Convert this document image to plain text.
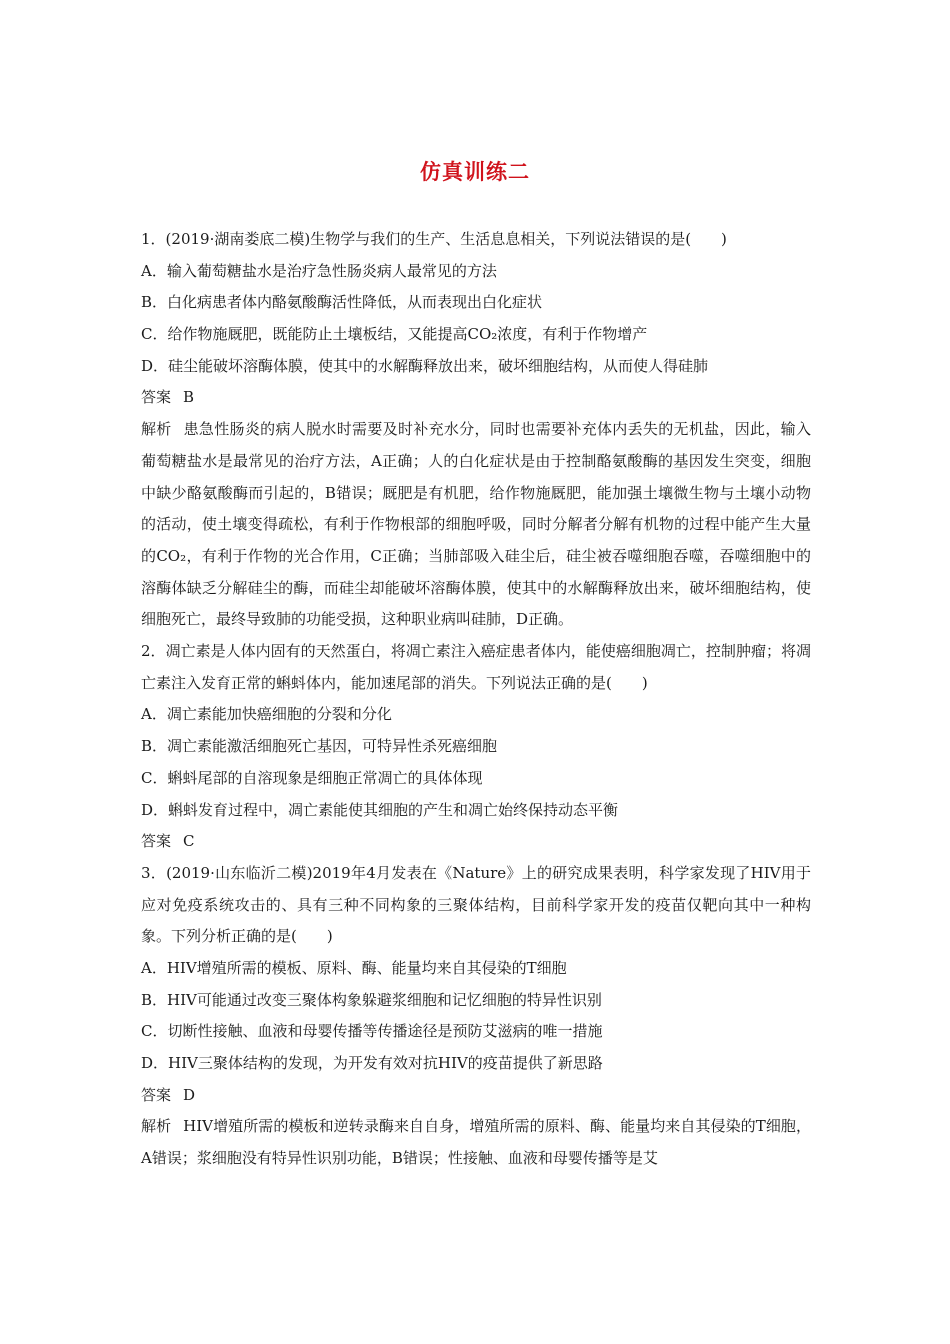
仿真训练二
1．(2019·湖南娄底二模)生物学与我们的生产、生活息息相关，下列说法错误的是(　　)
A．输入葡萄糖盐水是治疗急性肠炎病人最常见的方法
B．白化病患者体内酪氨酸酶活性降低，从而表现出白化症状
C．给作物施厩肥，既能防止土壤板结，又能提高CO₂浓度，有利于作物增产
D．硅尘能破坏溶酶体膜，使其中的水解酶释放出来，破坏细胞结构，从而使人得硅肺
答案 B
解析 患急性肠炎的病人脱水时需要及时补充水分，同时也需要补充体内丢失的无机盐，因此，输入葡萄糖盐水是最常见的治疗方法，A正确；人的白化症状是由于控制酪氨酸酶的基因发生突变，细胞中缺少酪氨酸酶而引起的，B错误；厩肥是有机肥，给作物施厩肥，能加强土壤微生物与土壤小动物的活动，使土壤变得疏松，有利于作物根部的细胞呼吸，同时分解者分解有机物的过程中能产生大量的CO₂，有利于作物的光合作用，C正确；当肺部吸入硅尘后，硅尘被吞噬细胞吞噬，吞噬细胞中的溶酶体缺乏分解硅尘的酶，而硅尘却能破坏溶酶体膜，使其中的水解酶释放出来，破坏细胞结构，使细胞死亡，最终导致肺的功能受损，这种职业病叫硅肺，D正确。
2．凋亡素是人体内固有的天然蛋白，将凋亡素注入癌症患者体内，能使癌细胞凋亡，控制肿瘤；将凋亡素注入发育正常的蝌蚪体内，能加速尾部的消失。下列说法正确的是(　　)
A．凋亡素能加快癌细胞的分裂和分化
B．凋亡素能激活细胞死亡基因，可特异性杀死癌细胞
C．蝌蚪尾部的自溶现象是细胞正常凋亡的具体体现
D．蝌蚪发育过程中，凋亡素能使其细胞的产生和凋亡始终保持动态平衡
答案 C
3．(2019·山东临沂二模)2019年4月发表在《Nature》上的研究成果表明，科学家发现了HIV用于应对免疫系统攻击的、具有三种不同构象的三聚体结构，目前科学家开发的疫苗仅靶向其中一种构象。下列分析正确的是(　　)
A．HIV增殖所需的模板、原料、酶、能量均来自其侵染的T细胞
B．HIV可能通过改变三聚体构象躲避浆细胞和记忆细胞的特异性识别
C．切断性接触、血液和母婴传播等传播途径是预防艾滋病的唯一措施
D．HIV三聚体结构的发现，为开发有效对抗HIV的疫苗提供了新思路
答案 D
解析 HIV增殖所需的模板和逆转录酶来自自身，增殖所需的原料、酶、能量均来自其侵染的T细胞，A错误；浆细胞没有特异性识别功能，B错误；性接触、血液和母婴传播等是艾
